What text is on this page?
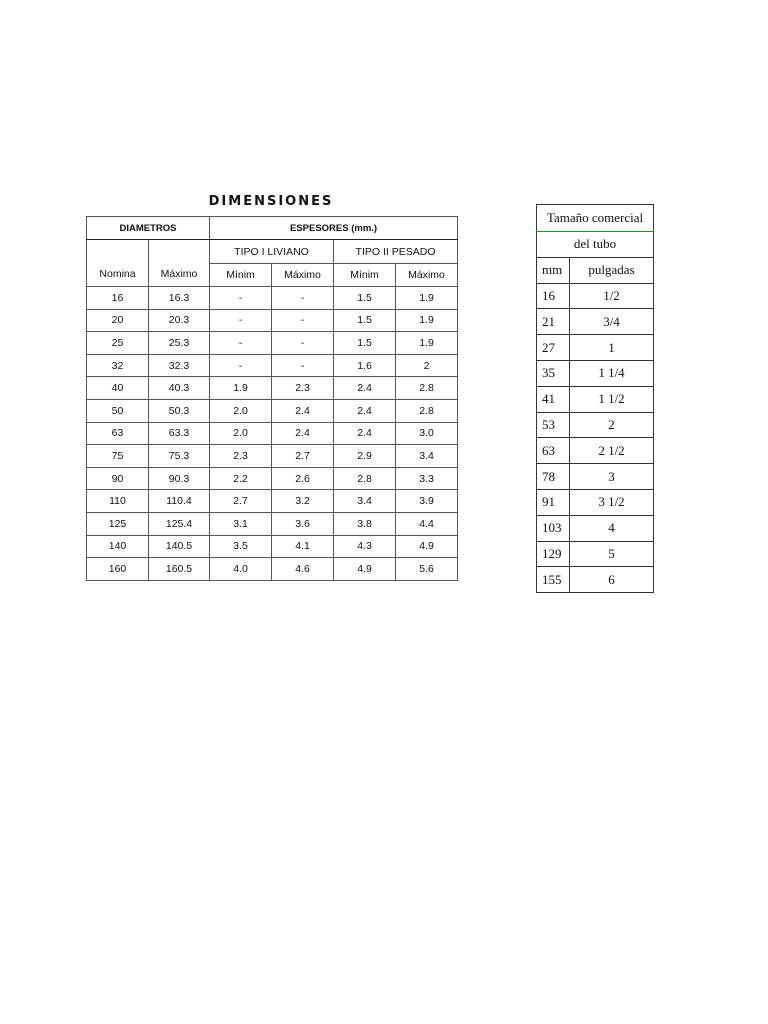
DIMENSIONES
DIAMETROS		ESPESORES (mm.)			
Nomina	Máximo	TIPO I LIVIANO		TIPO II PESADO	
		Mínim	Máximo	Mínim	Máximo
16	16.3	-	-	1.5	1.9
20	20.3	-	-	1.5	1.9
25	25.3	-	-	1.5	1.9
32	32.3	-	-	1.6	2
40	40.3	1.9	2.3	2.4	2.8
50	50.3	2.0	2.4	2.4	2.8
63	63.3	2.0	2.4	2.4	3.0
75	75.3	2.3	2.7	2.9	3.4
90	90.3	2.2	2.6	2.8	3.3
110	110.4	2.7	3.2	3.4	3.9
125	125.4	3.1	3.6	3.8	4.4
140	140.5	3.5	4.1	4.3	4.9
160	160.5	4.0	4.6	4.9	5.6
Tamaño comercial	
del tubo	
mm	pulgadas
16	1/2
21	3/4
27	1
35	1 1/4
41	1 1/2
53	2
63	2 1/2
78	3
91	3 1/2
103	4
129	5
155	6
